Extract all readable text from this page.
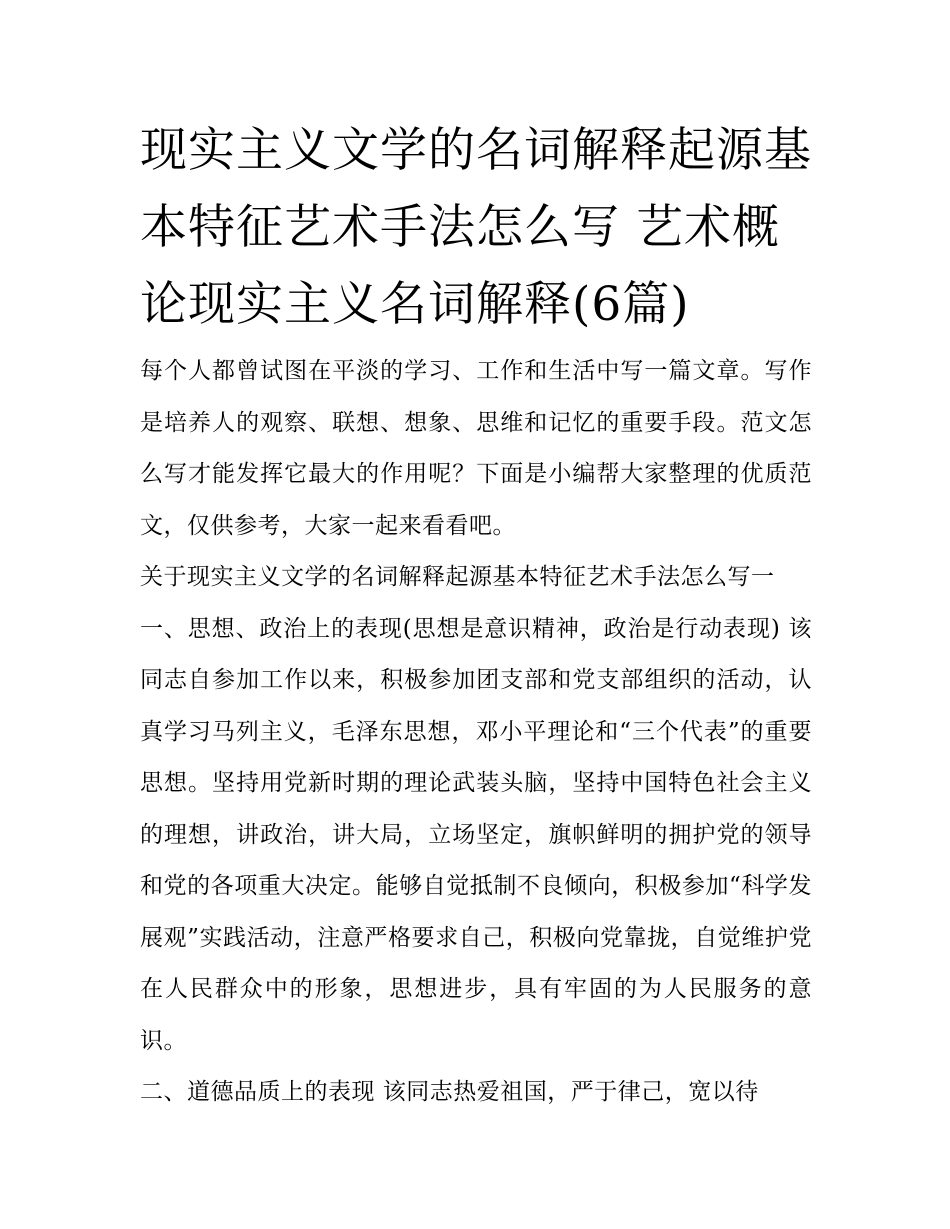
现实主义文学的名词解释起源基本特征艺术手法怎么写 艺术概论现实主义名词解释(6篇)

每个人都曾试图在平淡的学习、工作和生活中写一篇文章。写作是培养人的观察、联想、想象、思维和记忆的重要手段。范文怎么写才能发挥它最大的作用呢？下面是小编帮大家整理的优质范文，仅供参考，大家一起来看看吧。

关于现实主义文学的名词解释起源基本特征艺术手法怎么写一

一、思想、政治上的表现(思想是意识精神，政治是行动表现) 该同志自参加工作以来，积极参加团支部和党支部组织的活动，认真学习马列主义，毛泽东思想，邓小平理论和“三个代表”的重要思想。坚持用党新时期的理论武装头脑，坚持中国特色社会主义的理想，讲政治，讲大局，立场坚定，旗帜鲜明的拥护党的领导和党的各项重大决定。能够自觉抵制不良倾向，积极参加“科学发展观”实践活动，注意严格要求自己，积极向党靠拢，自觉维护党在人民群众中的形象，思想进步，具有牢固的为人民服务的意识。

二、道德品质上的表现 该同志热爱祖国，严于律己，宽以待
